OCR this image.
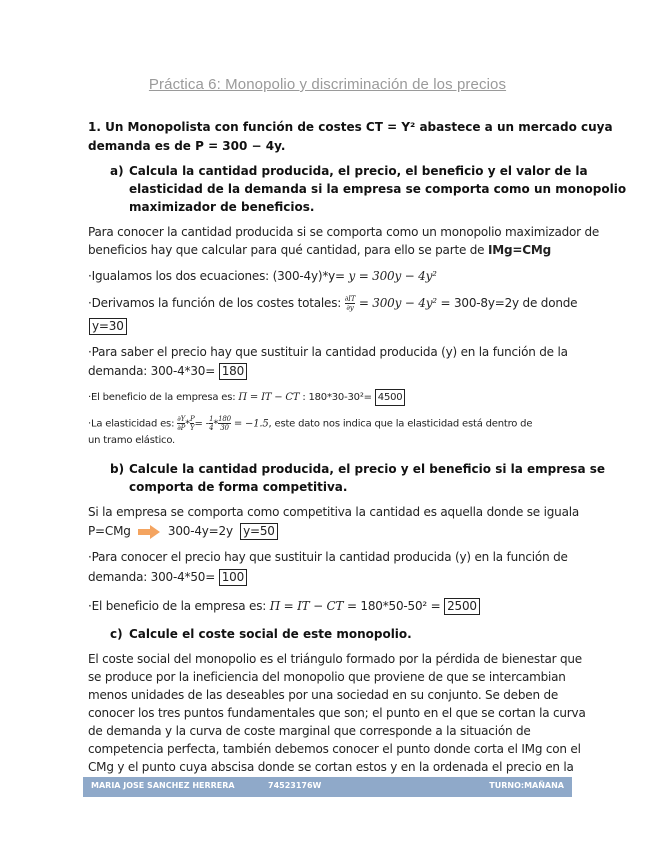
Práctica 6: Monopolio y discriminación de los precios
1. Un Monopolista con función de costes CT = Y² abastece a un mercado cuya
demanda es de P = 300 − 4y.
a) Calcula la cantidad producida, el precio, el beneficio y el valor de la
elasticidad de la demanda si la empresa se comporta como un monopolio
maximizador de beneficios.
Para conocer la cantidad producida si se comporta como un monopolio maximizador de
beneficios hay que calcular para qué cantidad, para ello se parte de IMg=CMg
·Igualamos los dos ecuaciones: (300-4y)*y= y = 300y − 4y²
·Derivamos la función de los costes totales: $\frac{\partial IT}{\partial y} = 300y - 4y^2 = 300-8y=2y$ de donde
y=30
·Para saber el precio hay que sustituir la cantidad producida (y) en la función de la
demanda: 300-4*30= 180
·El beneficio de la empresa es: Π = IT − CT : 180*30-30²= 4500
·La elasticidad es: $\frac{\partial Y}{\partial P} * \frac{P}{Y}$ = - $\frac{1}{4} * \frac{180}{30} = -1.5$, este dato nos indica que la elasticidad está dentro de
un tramo elástico.
b) Calcule la cantidad producida, el precio y el beneficio si la empresa se
comporta de forma competitiva.
Si la empresa se comporta como competitiva la cantidad es aquella donde se iguala
P=CMg	300-4y=2y y=50
·Para conocer el precio hay que sustituir la cantidad producida (y) en la función de
demanda: 300-4*50= 100
·El beneficio de la empresa es: Π = IT − CT = 180*50-50² = 2500
c) Calcule el coste social de este monopolio.
El coste social del monopolio es el triángulo formado por la pérdida de bienestar que
se produce por la ineficiencia del monopolio que proviene de que se intercambian
menos unidades de las deseables por una sociedad en su conjunto. Se deben de
conocer los tres puntos fundamentales que son; el punto en el que se cortan la curva
de demanda y la curva de coste marginal que corresponde a la situación de
competencia perfecta, también debemos conocer el punto donde corta el IMg con el
CMg y el punto cuya abscisa donde se cortan estos y en la ordenada el precio en la
MARIA JOSE SANCHEZ HERRERA	74523176W	TURNO:MAÑANA
